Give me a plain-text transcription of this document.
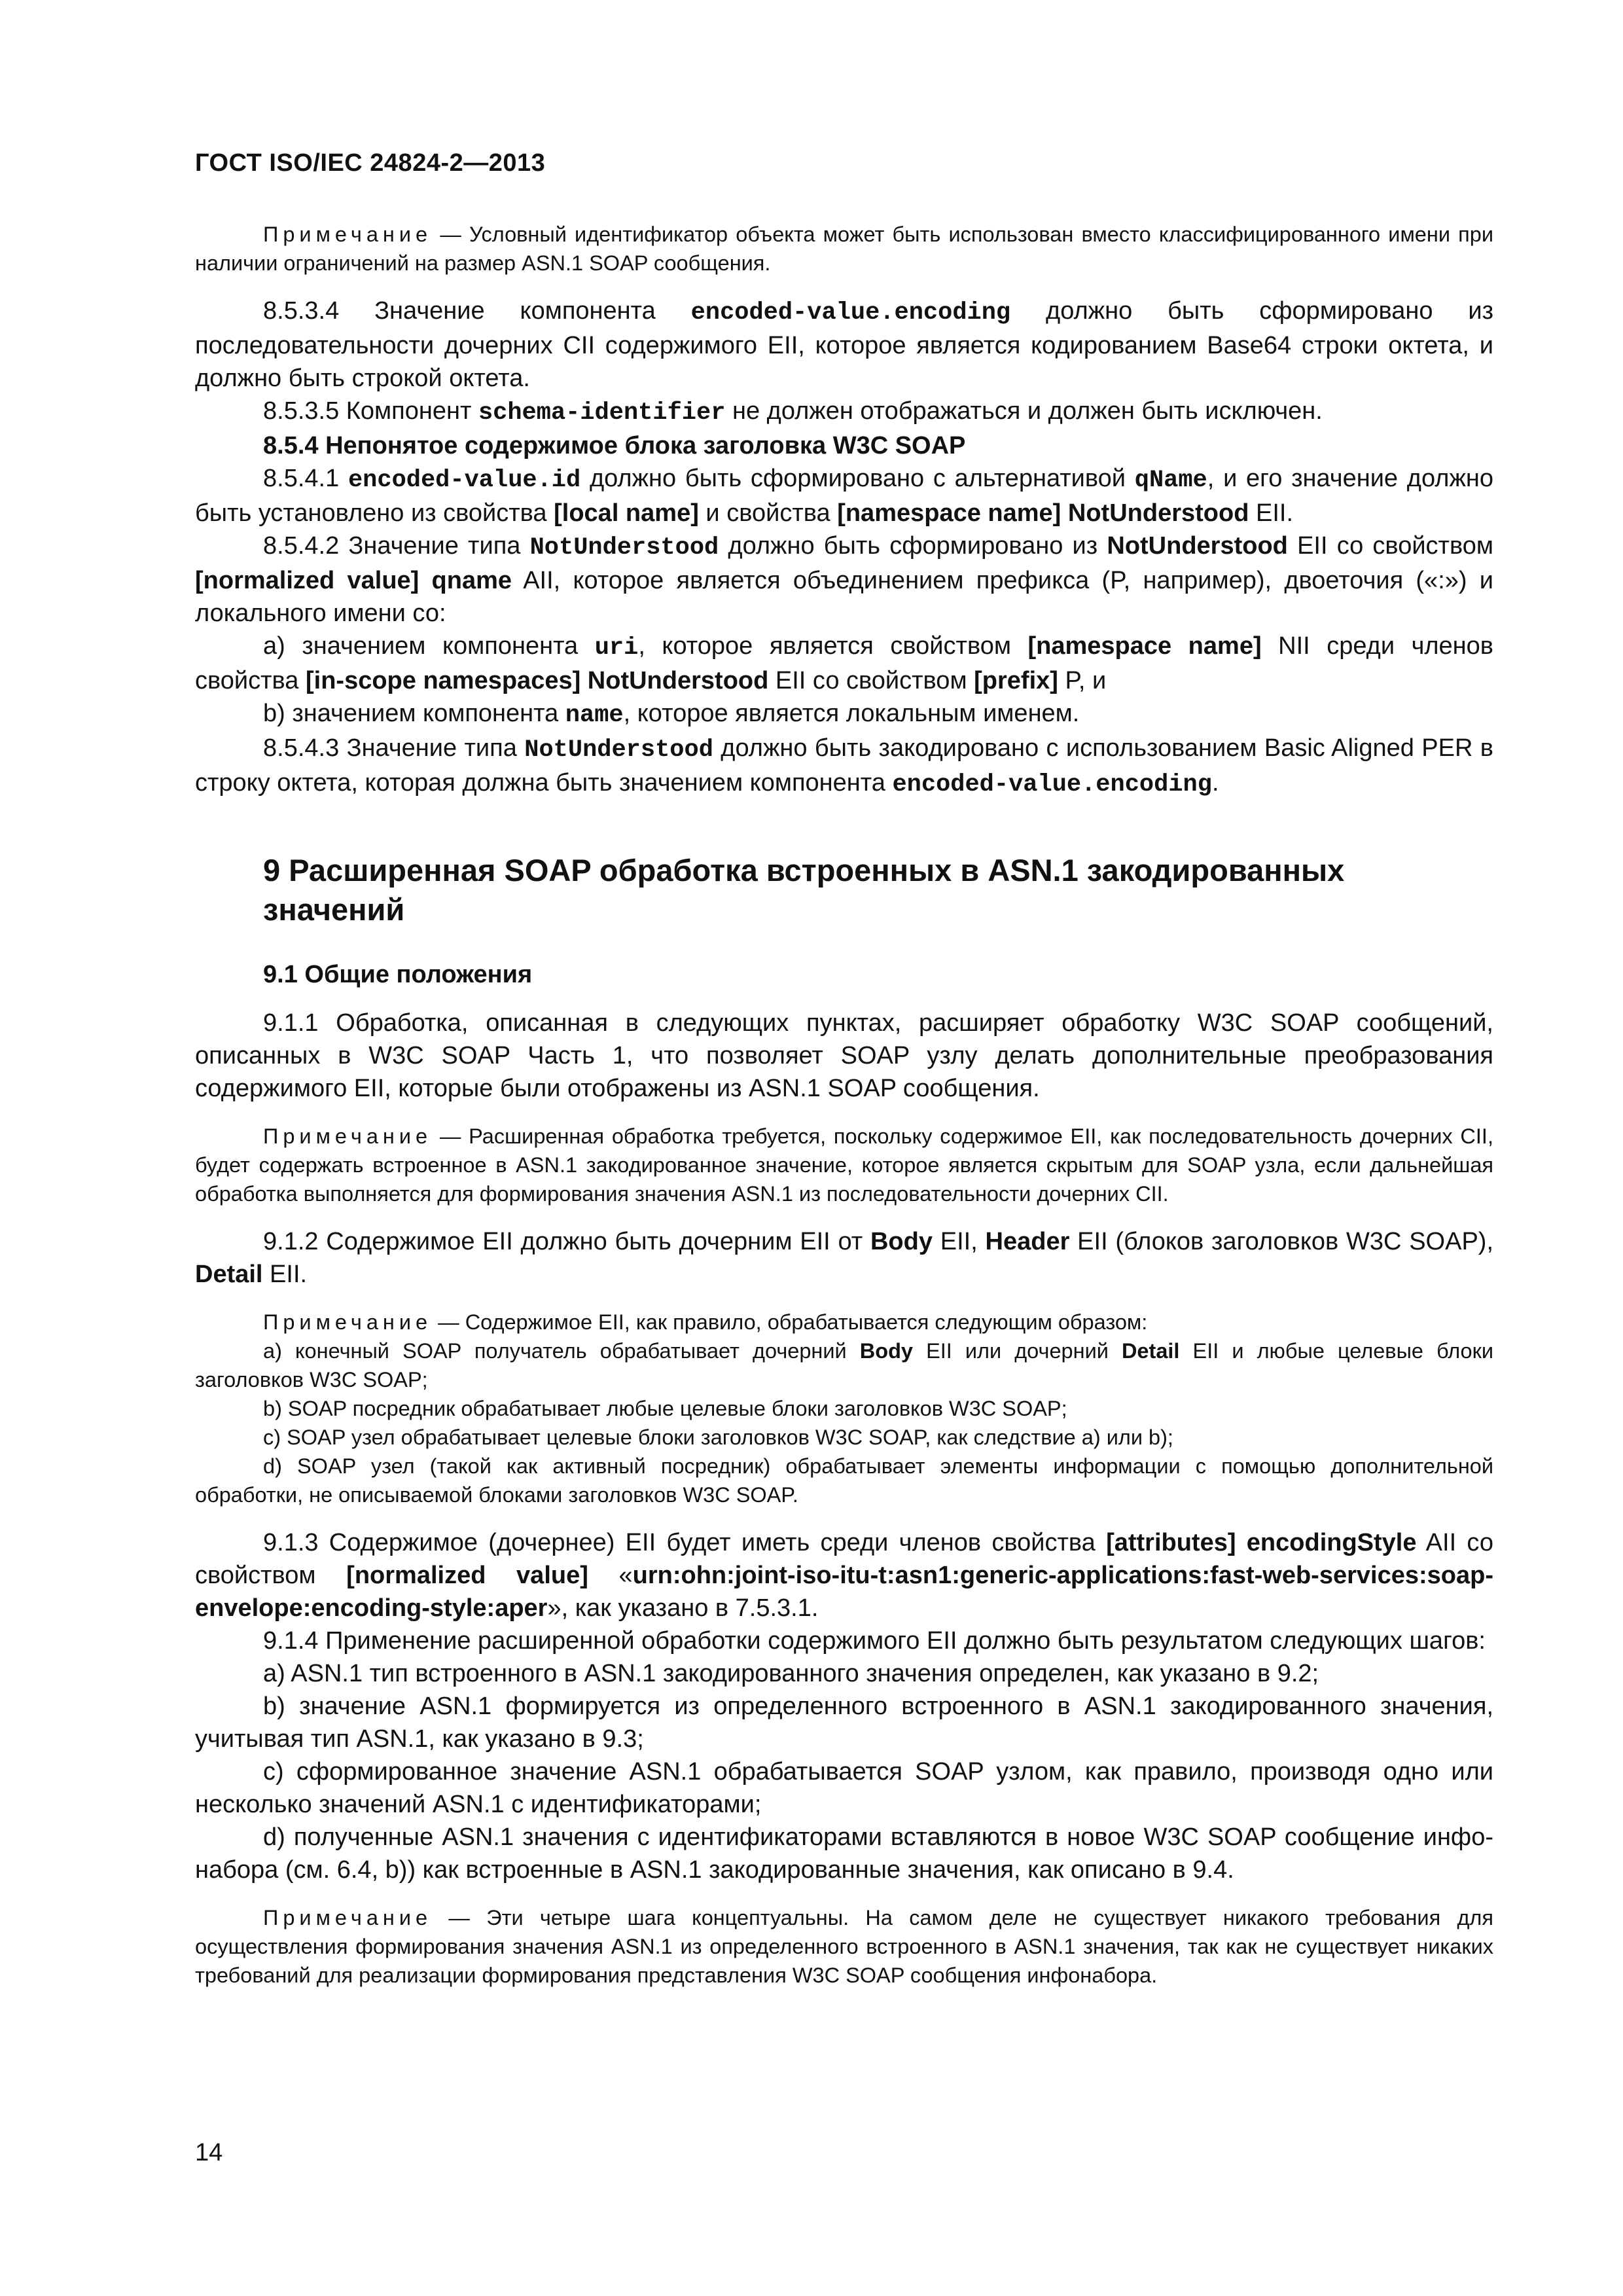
ГОСТ ISO/IEC 24824-2—2013

Примечание — Условный идентификатор объекта может быть использован вместо классифицированного имени при наличии ограничений на размер ASN.1 SOAP сообщения.

8.5.3.4 Значение компонента encoded-value.encoding должно быть сформировано из последовательности дочерних CII содержимого EII, которое является кодированием Base64 строки октета, и должно быть строкой октета.

8.5.3.5 Компонент schema-identifier не должен отображаться и должен быть исключен.

8.5.4 Непонятое содержимое блока заголовка W3C SOAP

8.5.4.1 encoded-value.id должно быть сформировано с альтернативой qName, и его значение должно быть установлено из свойства [local name] и свойства [namespace name] NotUnderstood EII.

8.5.4.2 Значение типа NotUnderstood должно быть сформировано из NotUnderstood EII со свойством [normalized value] qname AII, которое является объединением префикса (P, например), двоеточия («:») и локального имени со:

a) значением компонента uri, которое является свойством [namespace name] NII среди членов свойства [in-scope namespaces] NotUnderstood EII со свойством [prefix] P, и

b) значением компонента name, которое является локальным именем.

8.5.4.3 Значение типа NotUnderstood должно быть закодировано с использованием Basic Aligned PER в строку октета, которая должна быть значением компонента encoded-value.encoding.

9 Расширенная SOAP обработка встроенных в ASN.1 закодированных значений

9.1 Общие положения

9.1.1 Обработка, описанная в следующих пунктах, расширяет обработку W3C SOAP сообщений, описанных в W3C SOAP Часть 1, что позволяет SOAP узлу делать дополнительные преобразования содержимого EII, которые были отображены из ASN.1 SOAP сообщения.

Примечание — Расширенная обработка требуется, поскольку содержимое EII, как последовательность дочерних CII, будет содержать встроенное в ASN.1 закодированное значение, которое является скрытым для SOAP узла, если дальнейшая обработка выполняется для формирования значения ASN.1 из последовательности дочерних CII.

9.1.2 Содержимое EII должно быть дочерним EII от Body EII, Header EII (блоков заголовков W3C SOAP), Detail EII.

Примечание — Содержимое EII, как правило, обрабатывается следующим образом:

a) конечный SOAP получатель обрабатывает дочерний Body EII или дочерний Detail EII и любые целевые блоки заголовков W3C SOAP;

b) SOAP посредник обрабатывает любые целевые блоки заголовков W3C SOAP;

c) SOAP узел обрабатывает целевые блоки заголовков W3C SOAP, как следствие a) или b);

d) SOAP узел (такой как активный посредник) обрабатывает элементы информации с помощью дополнительной обработки, не описываемой блоками заголовков W3C SOAP.

9.1.3 Содержимое (дочернее) EII будет иметь среди членов свойства [attributes] encodingStyle AII со свойством [normalized value] «urn:ohn:joint-iso-itu-t:asn1:generic-applications:fast-web-services:soap-envelope:encoding-style:aper», как указано в 7.5.3.1.

9.1.4 Применение расширенной обработки содержимого EII должно быть результатом следующих шагов:

a) ASN.1 тип встроенного в ASN.1 закодированного значения определен, как указано в 9.2;

b) значение ASN.1 формируется из определенного встроенного в ASN.1 закодированного значения, учитывая тип ASN.1, как указано в 9.3;

c) сформированное значение ASN.1 обрабатывается SOAP узлом, как правило, производя одно или несколько значений ASN.1 с идентификаторами;

d) полученные ASN.1 значения с идентификаторами вставляются в новое W3C SOAP сообщение инфо-набора (см. 6.4, b)) как встроенные в ASN.1 закодированные значения, как описано в 9.4.

Примечание — Эти четыре шага концептуальны. На самом деле не существует никакого требования для осуществления формирования значения ASN.1 из определенного встроенного в ASN.1 значения, так как не существует никаких требований для реализации формирования представления W3C SOAP сообщения инфонабора.

14
